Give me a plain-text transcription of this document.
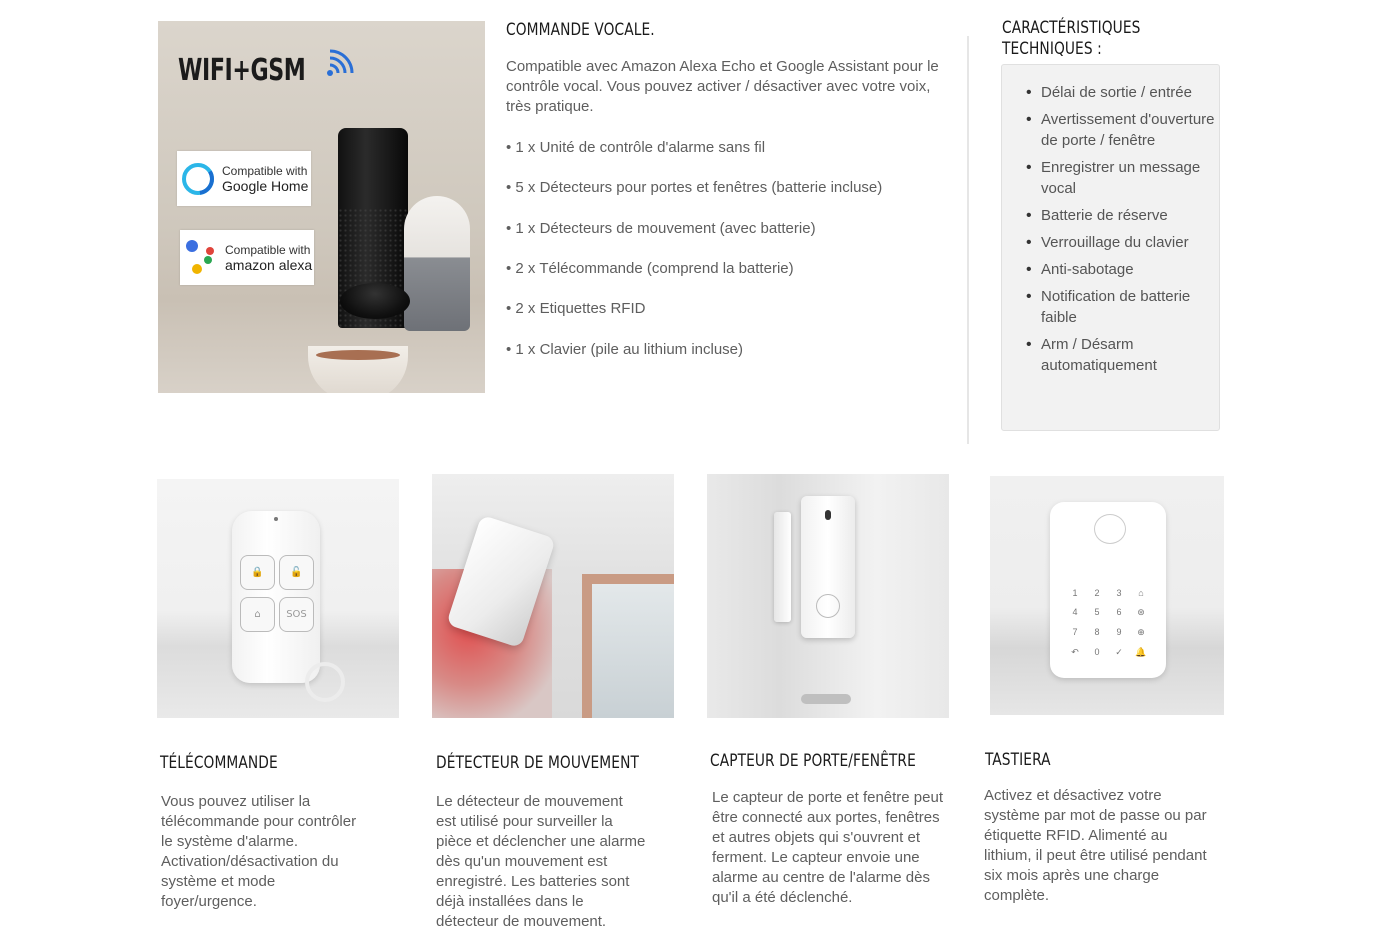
WIFI+GSM
Compatible with
Google Home
Compatible with
amazon alexa
COMMANDE VOCALE.
Compatible avec Amazon Alexa Echo et Google Assistant pour le contrôle vocal. Vous pouvez activer / désactiver avec votre voix, très pratique.
• 1 x Unité de contrôle d'alarme sans fil
• 5 x Détecteurs pour portes et fenêtres (batterie incluse)
• 1 x Détecteurs de mouvement (avec batterie)
• 2 x Télécommande (comprend la batterie)
• 2 x Etiquettes RFID
• 1 x Clavier (pile au lithium incluse)
CARACTÉRISTIQUES
TECHNIQUES :
• Délai de sortie / entrée
• Avertissement d'ouverture de porte / fenêtre
• Enregistrer un message vocal
• Batterie de réserve
• Verrouillage du clavier
• Anti-sabotage
• Notification de batterie faible
• Arm / Désarm automatiquement
🔒	🔓
⌂	SOS
1	2	3	⌂
4	5	6	⊛
7	8	9	⊕
↶	0	✓	🔔
TÉLÉCOMMANDE
Vous pouvez utiliser la télécommande pour contrôler le système d'alarme. Activation/désactivation du système et mode foyer/urgence.
DÉTECTEUR DE MOUVEMENT
Le détecteur de mouvement est utilisé pour surveiller la pièce et déclencher une alarme dès qu'un mouvement est enregistré. Les batteries sont déjà installées dans le détecteur de mouvement.
CAPTEUR DE PORTE/FENÊTRE
Le capteur de porte et fenêtre peut être connecté aux portes, fenêtres et autres objets qui s'ouvrent et ferment. Le capteur envoie une alarme au centre de l'alarme dès qu'il a été déclenché.
TASTIERA
Activez et désactivez votre système par mot de passe ou par étiquette RFID. Alimenté au lithium, il peut être utilisé pendant six mois après une charge complète.
